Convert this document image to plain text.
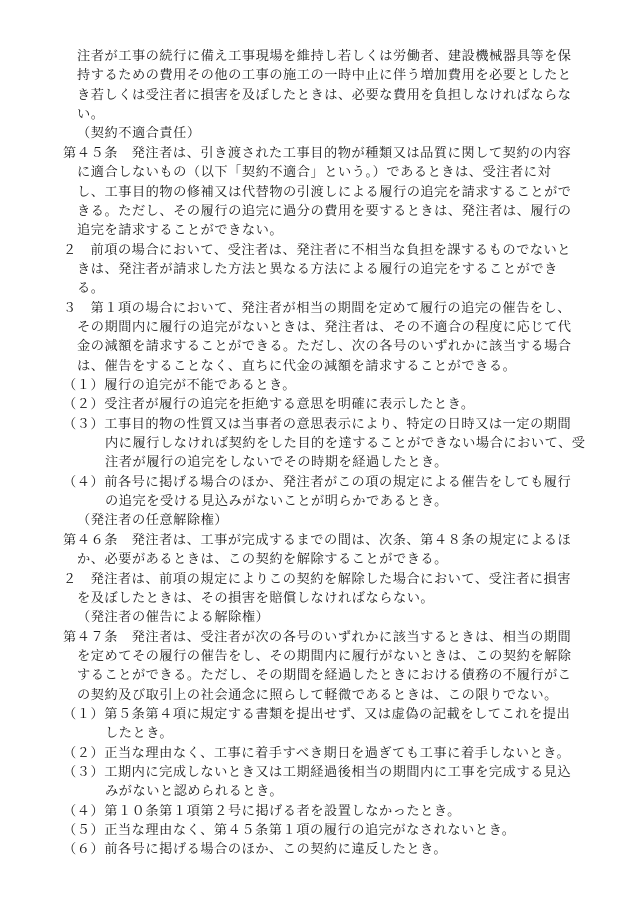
注者が工事の続行に備え工事現場を維持し若しくは労働者、建設機械器具等を保

持するための費用その他の工事の施工の一時中止に伴う増加費用を必要としたと

き若しくは受注者に損害を及ぼしたときは、必要な費用を負担しなければならな

い。

（契約不適合責任）

第４５条　発注者は、引き渡された工事目的物が種類又は品質に関して契約の内容

に適合しないもの（以下「契約不適合」という。）であるときは、受注者に対

し、工事目的物の修補又は代替物の引渡しによる履行の追完を請求することがで

きる。ただし、その履行の追完に過分の費用を要するときは、発注者は、履行の

追完を請求することができない。

２　前項の場合において、受注者は、発注者に不相当な負担を課するものでないと

きは、発注者が請求した方法と異なる方法による履行の追完をすることができ

る。

３　第１項の場合において、発注者が相当の期間を定めて履行の追完の催告をし、

その期間内に履行の追完がないときは、発注者は、その不適合の程度に応じて代

金の減額を請求することができる。ただし、次の各号のいずれかに該当する場合

は、催告をすることなく、直ちに代金の減額を請求することができる。

（１）履行の追完が不能であるとき。

（２）受注者が履行の追完を拒絶する意思を明確に表示したとき。

（３）工事目的物の性質又は当事者の意思表示により、特定の日時又は一定の期間

内に履行しなければ契約をした目的を達することができない場合において、受

注者が履行の追完をしないでその時期を経過したとき。

（４）前各号に掲げる場合のほか、発注者がこの項の規定による催告をしても履行

の追完を受ける見込みがないことが明らかであるとき。

（発注者の任意解除権）

第４６条　発注者は、工事が完成するまでの間は、次条、第４８条の規定によるほ

か、必要があるときは、この契約を解除することができる。

２　発注者は、前項の規定によりこの契約を解除した場合において、受注者に損害

を及ぼしたときは、その損害を賠償しなければならない。

（発注者の催告による解除権）

第４７条　発注者は、受注者が次の各号のいずれかに該当するときは、相当の期間

を定めてその履行の催告をし、その期間内に履行がないときは、この契約を解除

することができる。ただし、その期間を経過したときにおける債務の不履行がこ

の契約及び取引上の社会通念に照らして軽微であるときは、この限りでない。

（１）第５条第４項に規定する書類を提出せず、又は虚偽の記載をしてこれを提出

したとき。

（２）正当な理由なく、工事に着手すべき期日を過ぎても工事に着手しないとき。

（３）工期内に完成しないとき又は工期経過後相当の期間内に工事を完成する見込

みがないと認められるとき。

（４）第１０条第１項第２号に掲げる者を設置しなかったとき。

（５）正当な理由なく、第４５条第１項の履行の追完がなされないとき。

（６）前各号に掲げる場合のほか、この契約に違反したとき。
